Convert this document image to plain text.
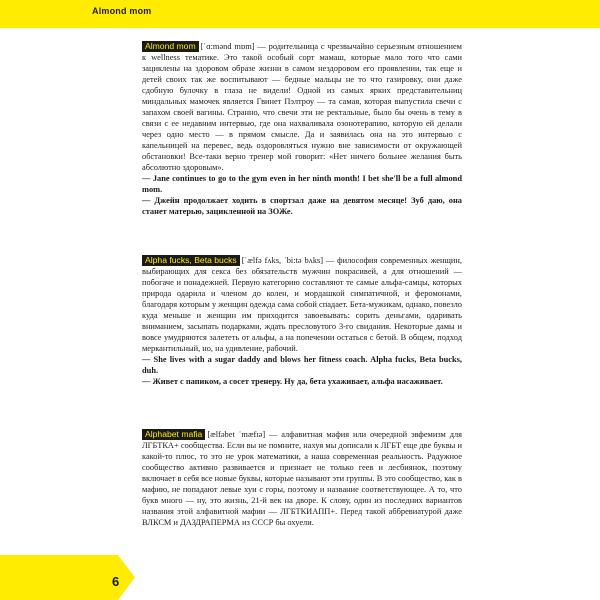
Almond mom

Almond mom [ˈɑ:mənd mɒm] — родительница с чрезвычайно серьезным отношением к wellness тематике. Это такой особый сорт мамаш, которые мало того что сами зациклены на здоровом образе жизни в самом нездоровом его проявлении, так еще и детей своих так же воспитывают — бедные мальцы не то что газировку, они даже сдобную булочку в глаза не видели! Одной из самых ярких представительниц миндальных мамочек является Гвинет Пэлтроу — та самая, которая выпустила свечи с запахом своей вагины. Странно, что свечи эти не ректальные, было бы очень в тему в связи с ее недавним интервью, где она нахваливала озонотерапию, которую ей делали через одно место — в прямом смысле. Да и заявилась она на это интервью с капельницей на перевес, ведь оздоровляться нужно вне зависимости от окружающей обстановки! Все-таки верно тренер мой говорит: «Нет ничего больнее желания быть абсолютно здоровым».

— Jane continues to go to the gym even in her ninth month! I bet she'll be a full almond mom.

— Джейн продолжает ходить в спортзал даже на девятом месяце! Зуб даю, она станет матерью, зацикленной на ЗОЖе.

Alpha fucks, Beta bucks [ˈælfə fʌks, ˈbi:tə bʌks] — философия современных женщин, выбирающих для секса без обязательств мужчин покрасивей, а для отношений — побогаче и понадежней. Первую категорию составляют те самые альфа-самцы, которых природа одарила и членом до колен, и мордашкой симпатичной, и феромонами, благодаря которым у женщин одежда сама собой спадает. Бета-мужикам, однако, повезло куда меньше и женщин им приходится завоевывать: сорить деньгами, одаривать вниманием, засыпать подарками, ждать пресловутого 3-го свидания. Некоторые дамы и вовсе умудряются залететь от альфы, а на попечении остаться с бетой. В общем, подход меркантильный, но, на удивление, рабочий.

— She lives with a sugar daddy and blows her fitness coach. Alpha fucks, Beta bucks, duh.

— Живет с папиком, а сосет тренеру. Ну да, бета ухаживает, альфа насаживает.

Alphabet mafia [ælfəbet ˈmæfɪə] — алфавитная мафия или очередной эвфемизм для ЛГБТКА+ сообщества. Если вы не помните, нахуя мы дописали к ЛГБТ еще две буквы и какой-то плюс, то это не урок математики, а наша современная реальность. Радужное сообщество активно развивается и признает не только геев и лесбиянок, поэтому включает в себя все новые буквы, которые называют эти группы. В это сообщество, как в мафию, не попадают левые хуи с горы, поэтому и название соответствующее. А то, что букв много — ну, это жизнь, 21-й век на дворе. К слову, один из последних вариантов названия этой алфавитной мафии — ЛГБТКИАПП+. Перед такой аббревиатурой даже ВЛКСМ и ДАЗДРАПЕРМА из СССР бы охуели.

6
